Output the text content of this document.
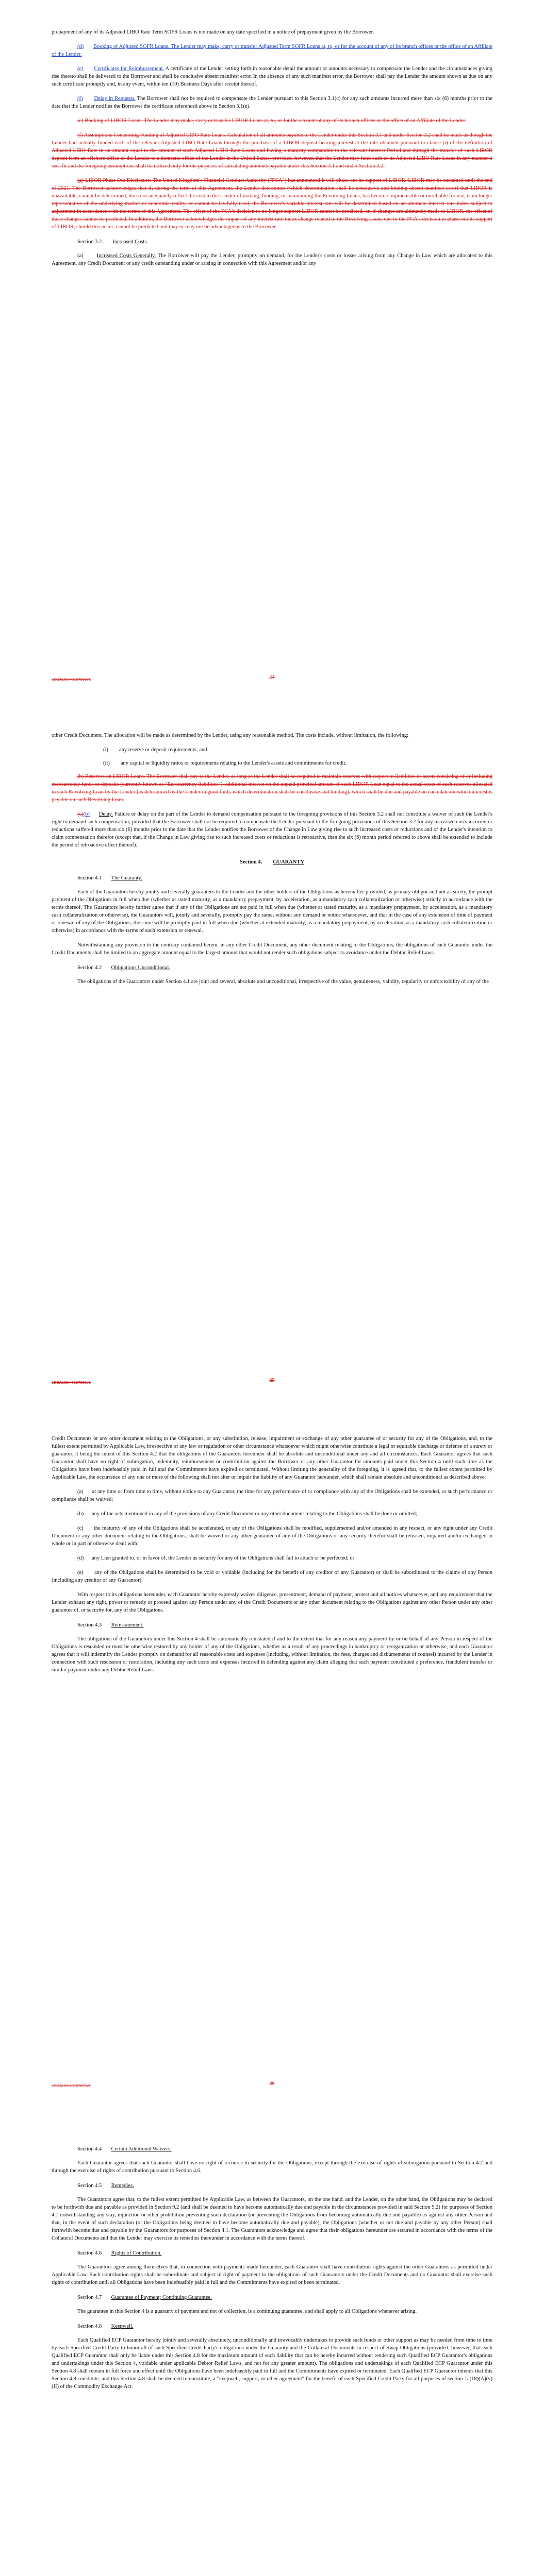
prepayment of any of its Adjusted LIBO Rate Term SOFR Loans is not made on any date specified in a notice of prepayment given by the Borrower.

(d) Booking of Adjusted SOFR Loans. The Lender may make, carry or transfer Adjusted Term SOFR Loans at, to, or for the account of any of its branch offices or the office of an Affiliate of the Lender.

(e) Certificates for Reimbursement. A certificate of the Lender setting forth in reasonable detail the amount or amounts necessary to compensate the Lender and the circumstances giving rise thereto shall be delivered to the Borrower and shall be conclusive absent manifest error. In the absence of any such manifest error, the Borrower shall pay the Lender the amount shown as due on any such certificate promptly and, in any event, within ten (10) Business Days after receipt thereof.

(f) Delay in Requests. The Borrower shall not be required to compensate the Lender pursuant to this Section 3.1(c) for any such amounts incurred more than six (6) months prior to the date that the Lender notifies the Borrower the certificate referenced above in Section 3.1(e).

(e) Booking of LIBOR Loans. The Lender may make, carry or transfer LIBOR Loans at, to, or for the account of any of its branch offices or the office of an Affiliate of the Lender.

(f) Assumptions Concerning Funding of Adjusted LIBO Rate Loans. Calculation of all amounts payable to the Lender under this Section 3.1 and under Section 3.2 shall be made as though the Lender had actually funded each of the relevant Adjusted LIBO Rate Loans through the purchase of a LIBOR deposit bearing interest at the rate obtained pursuant to clause (i) of the definition of Adjusted LIBO Rate in an amount equal to the amount of such Adjusted LIBO Rate Loans and having a maturity comparable to the relevant Interest Period and through the transfer of such LIBOR deposit from an offshore office of the Lender to a domestic office of the Lender in the United States; provided, however, that the Lender may fund each of its Adjusted LIBO Rate Loans in any manner it sees fit and the foregoing assumptions shall be utilized only for the purposes of calculating amounts payable under this Section 3.1 and under Section 3.2.

(g) LIBOR Phase Out Disclosure. The United Kingdom's Financial Conduct Authority ("FCA") has announced it will phase out its support of LIBOR. LIBOR may be sustained until the end of 2021. The Borrower acknowledges that if, during the term of this Agreement, the Lender determines (which determination shall be conclusive and binding absent manifest error) that LIBOR is unavailable, cannot be determined, does not adequately reflect the cost to the Lender of making, funding, or maintaining the Revolving Loans, has become impracticable or unreliable for use, is no longer representative of the underlying market or economic reality, or cannot be lawfully used, the Borrower's variable interest rate will be determined based on an alternate interest rate index subject to adjustment in accordance with the terms of this Agreement. The effect of the FCA's decision to no longer support LIBOR cannot be predicted, or, if changes are ultimately made to LIBOR, the effect of those changes cannot be predicted. In addition, the Borrower acknowledges the impact of any interest rate index change related to the Revolving Loans due to the FCA's decision to phase out its support of LIBOR, should this occur, cannot be predicted and may or may not be advantageous to the Borrower.

Section 3.2. Increased Costs.

(a) Increased Costs Generally. The Borrower will pay the Lender, promptly on demand, for the Lender's costs or losses arising from any Change in Law which are allocated to this Agreement, any Credit Document or any credit outstanding under or arising in connection with this Agreement and/or any

LEGAL02/40107839v1	24

other Credit Document. The allocation will be made as determined by the Lender, using any reasonable method. The costs include, without limitation, the following:

(i) any reserve or deposit requirements; and

(ii) any capital or liquidity ratios or requirements relating to the Lender's assets and commitments for credit.

(b) Reserves on LIBOR Loans. The Borrower shall pay to the Lender, as long as the Lender shall be required to maintain reserves with respect to liabilities or assets consisting of or including eurocurrency funds or deposits (currently known as "Eurocurrency liabilities"), additional interest on the unpaid principal amount of each LIBOR Loan equal to the actual costs of such reserves allocated to such Revolving Loan by the Lender (as determined by the Lender in good faith, which determination shall be conclusive and binding), which shall be due and payable on each date on which interest is payable on such Revolving Loan.

(c)(b) Delay. Failure or delay on the part of the Lender to demand compensation pursuant to the foregoing provisions of this Section 3.2 shall not constitute a waiver of such the Lender's right to demand such compensation; provided that the Borrower shall not be required to compensate the Lender pursuant to the foregoing provisions of this Section 3.2 for any increased costs incurred or reductions suffered more than six (6) months prior to the date that the Lender notifies the Borrower of the Change in Law giving rise to such increased costs or reductions and of the Lender's intention to claim compensation therefor (except that, if the Change in Law giving rise to such increased costs or reductions is retroactive, then the six (6) month period referred to above shall be extended to include the period of retroactive effect thereof).

Section 4. GUARANTY

Section 4.1 The Guaranty.

Each of the Guarantors hereby jointly and severally guarantees to the Lender and the other holders of the Obligations as hereinafter provided, as primary obligor and not as surety, the prompt payment of the Obligations in full when due (whether at stated maturity, as a mandatory prepayment, by acceleration, as a mandatory cash collateralization or otherwise) strictly in accordance with the terms thereof. The Guarantors hereby further agree that if any of the Obligations are not paid in full when due (whether at stated maturity, as a mandatory prepayment, by acceleration, as a mandatory cash collateralization or otherwise), the Guarantors will, jointly and severally, promptly pay the same, without any demand or notice whatsoever, and that in the case of any extension of time of payment or renewal of any of the Obligations, the same will be promptly paid in full when due (whether at extended maturity, as a mandatory prepayment, by acceleration, as a mandatory cash collateralization or otherwise) in accordance with the terms of such extension or renewal.

Notwithstanding any provision to the contrary contained herein, in any other Credit Document, any other document relating to the Obligations, the obligations of each Guarantor under the Credit Documents shall be limited to an aggregate amount equal to the largest amount that would not render such obligations subject to avoidance under the Debtor Relief Laws.

Section 4.2 Obligations Unconditional.

The obligations of the Guarantors under Section 4.1 are joint and several, absolute and unconditional, irrespective of the value, genuineness, validity, regularity or enforceability of any of the

LEGAL02/40107839v1	25

Credit Documents or any other document relating to the Obligations, or any substitution, release, impairment or exchange of any other guarantee of or security for any of the Obligations, and, to the fullest extent permitted by Applicable Law, irrespective of any law or regulation or other circumstance whatsoever which might otherwise constitute a legal or equitable discharge or defense of a surety or guarantor, it being the intent of this Section 4.2 that the obligations of the Guarantors hereunder shall be absolute and unconditional under any and all circumstances. Each Guarantor agrees that such Guarantor shall have no right of subrogation, indemnity, reimbursement or contribution against the Borrower or any other Guarantor for amounts paid under this Section 4 until such time as the Obligations have been indefeasibly paid in full and the Commitments have expired or terminated. Without limiting the generality of the foregoing, it is agreed that, to the fullest extent permitted by Applicable Law, the occurrence of any one or more of the following shall not alter or impair the liability of any Guarantor hereunder, which shall remain absolute and unconditional as described above:

(a) at any time or from time to time, without notice to any Guarantor, the time for any performance of or compliance with any of the Obligations shall be extended, or such performance or compliance shall be waived;

(b) any of the acts mentioned in any of the provisions of any Credit Document or any other document relating to the Obligations shall be done or omitted;

(c) the maturity of any of the Obligations shall be accelerated, or any of the Obligations shall be modified, supplemented and/or amended in any respect, or any right under any Credit Document or any other document relating to the Obligations, shall be waived or any other guarantee of any of the Obligations or any security therefor shall be released, impaired and/or exchanged in whole or in part or otherwise dealt with;

(d) any Lien granted to, or in favor of, the Lender as security for any of the Obligations shall fail to attach or be perfected; or

(e) any of the Obligations shall be determined to be void or voidable (including for the benefit of any creditor of any Guarantor) or shall be subordinated to the claims of any Person (including any creditor of any Guarantor).

With respect to its obligations hereunder, each Guarantor hereby expressly waives diligence, presentment, demand of payment, protest and all notices whatsoever, and any requirement that the Lender exhaust any right, power or remedy or proceed against any Person under any of the Credit Documents or any other document relating to the Obligations against any other Person under any other guarantee of, or security for, any of the Obligations.

Section 4.3 Reinstatement.

The obligations of the Guarantors under this Section 4 shall be automatically reinstated if and to the extent that for any reason any payment by or on behalf of any Person in respect of the Obligations is rescinded or must be otherwise restored by any holder of any of the Obligations, whether as a result of any proceedings in bankruptcy or reorganization or otherwise, and each Guarantor agrees that it will indemnify the Lender promptly on demand for all reasonable costs and expenses (including, without limitation, the fees, charges and disbursements of counsel) incurred by the Lender in connection with such rescission or restoration, including any such costs and expenses incurred in defending against any claim alleging that such payment constituted a preference, fraudulent transfer or similar payment under any Debtor Relief Laws.

LEGAL02/40107839v1	26

Section 4.4 Certain Additional Waivers.

Each Guarantor agrees that such Guarantor shall have no right of recourse to security for the Obligations, except through the exercise of rights of subrogation pursuant to Section 4.2 and through the exercise of rights of contribution pursuant to Section 4.6.

Section 4.5 Remedies.

The Guarantors agree that, to the fullest extent permitted by Applicable Law, as between the Guarantors, on the one hand, and the Lender, on the other hand, the Obligations may be declared to be forthwith due and payable as provided in Section 9.2 (and shall be deemed to have become automatically due and payable in the circumstances provided in said Section 9.2) for purposes of Section 4.1 notwithstanding any stay, injunction or other prohibition preventing such declaration (or preventing the Obligations from becoming automatically due and payable) as against any other Person and that, in the event of such declaration (or the Obligations being deemed to have become automatically due and payable), the Obligations (whether or not due and payable by any other Person) shall forthwith become due and payable by the Guarantors for purposes of Section 4.1. The Guarantors acknowledge and agree that their obligations hereunder are secured in accordance with the terms of the Collateral Documents and that the Lender may exercise its remedies thereunder in accordance with the terms thereof.

Section 4.6 Rights of Contribution.

The Guarantors agree among themselves that, in connection with payments made hereunder, each Guarantor shall have contribution rights against the other Guarantors as permitted under Applicable Law. Such contribution rights shall be subordinate and subject in right of payment to the obligations of such Guarantors under the Credit Documents and no Guarantor shall exercise such rights of contribution until all Obligations have been indefeasibly paid in full and the Commitments have expired or been terminated.

Section 4.7 Guarantee of Payment; Continuing Guarantee.

The guarantee in this Section 4 is a guaranty of payment and not of collection, is a continuing guarantee, and shall apply to all Obligations whenever arising.

Section 4.8 Keepwell.

Each Qualified ECP Guarantor hereby jointly and severally absolutely, unconditionally and irrevocably undertakes to provide such funds or other support as may be needed from time to time by each Specified Credit Party to honor all of such Specified Credit Party's obligations under the Guaranty and the Collateral Documents in respect of Swap Obligations (provided, however, that each Qualified ECP Guarantor shall only be liable under this Section 4.8 for the maximum amount of such liability that can be hereby incurred without rendering such Qualified ECP Guarantor's obligations and undertakings under this Section 4, voidable under applicable Debtor Relief Laws, and not for any greater amount). The obligations and undertakings of each Qualified ECP Guarantor under this Section 4.8 shall remain in full force and effect until the Obligations have been indefeasibly paid in full and the Commitments have expired or terminated. Each Qualified ECP Guarantor intends that this Section 4.8 constitute, and this Section 4.8 shall be deemed to constitute, a "keepwell, support, or other agreement" for the benefit of each Specified Credit Party for all purposes of section 1a(18)(A)(v)(II) of the Commodity Exchange Act.
